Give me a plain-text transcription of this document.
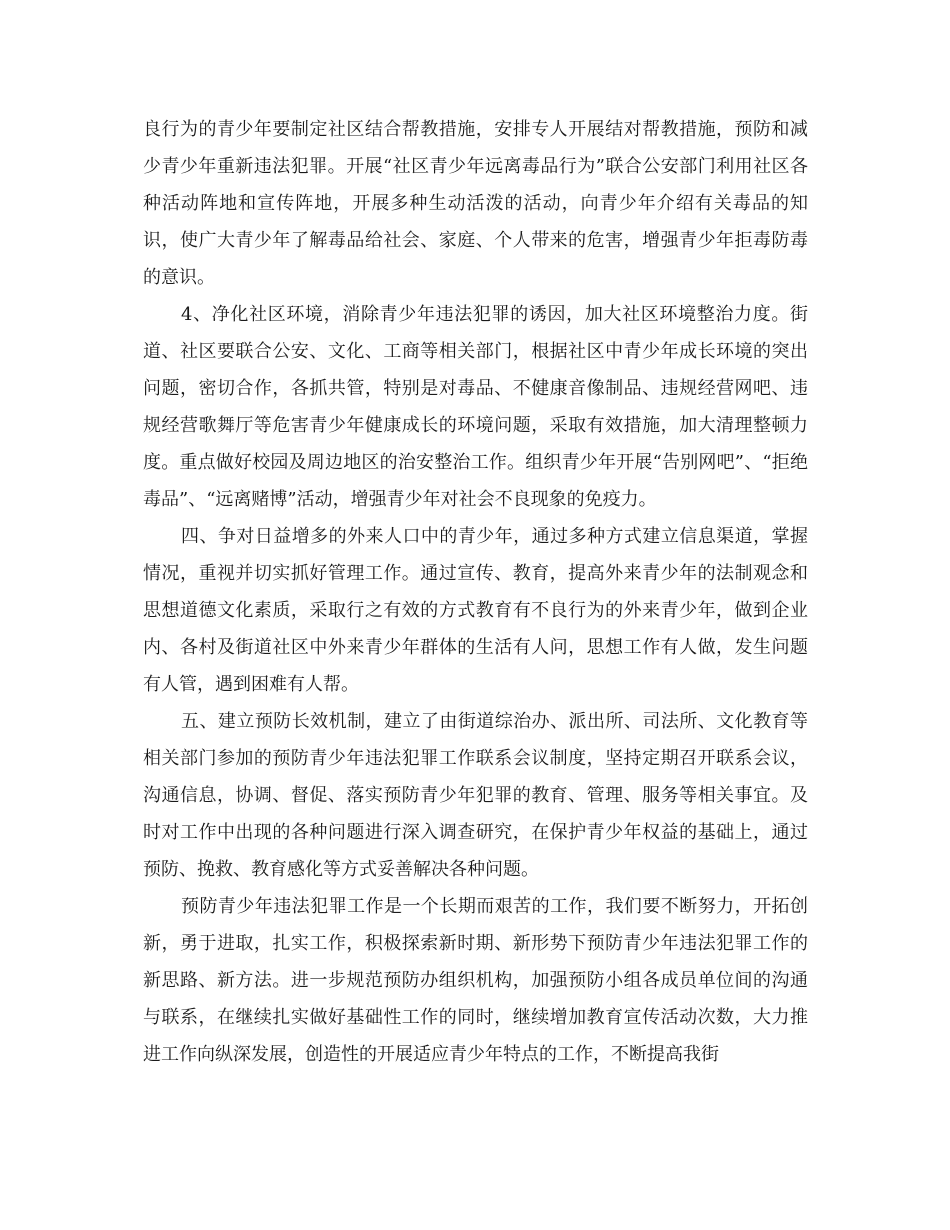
良行为的青少年要制定社区结合帮教措施，安排专人开展结对帮教措施，预防和减少青少年重新违法犯罪。开展“社区青少年远离毒品行为”联合公安部门利用社区各种活动阵地和宣传阵地，开展多种生动活泼的活动，向青少年介绍有关毒品的知识，使广大青少年了解毒品给社会、家庭、个人带来的危害，增强青少年拒毒防毒的意识。

4、净化社区环境，消除青少年违法犯罪的诱因，加大社区环境整治力度。街道、社区要联合公安、文化、工商等相关部门，根据社区中青少年成长环境的突出问题，密切合作，各抓共管，特别是对毒品、不健康音像制品、违规经营网吧、违规经营歌舞厅等危害青少年健康成长的环境问题，采取有效措施，加大清理整顿力度。重点做好校园及周边地区的治安整治工作。组织青少年开展“告别网吧”、“拒绝毒品”、“远离赌博”活动，增强青少年对社会不良现象的免疫力。

四、争对日益增多的外来人口中的青少年，通过多种方式建立信息渠道，掌握情况，重视并切实抓好管理工作。通过宣传、教育，提高外来青少年的法制观念和思想道德文化素质，采取行之有效的方式教育有不良行为的外来青少年，做到企业内、各村及街道社区中外来青少年群体的生活有人问，思想工作有人做，发生问题有人管，遇到困难有人帮。

五、建立预防长效机制，建立了由街道综治办、派出所、司法所、文化教育等相关部门参加的预防青少年违法犯罪工作联系会议制度，坚持定期召开联系会议，沟通信息，协调、督促、落实预防青少年犯罪的教育、管理、服务等相关事宜。及时对工作中出现的各种问题进行深入调查研究，在保护青少年权益的基础上，通过预防、挽救、教育感化等方式妥善解决各种问题。

预防青少年违法犯罪工作是一个长期而艰苦的工作，我们要不断努力，开拓创新，勇于进取，扎实工作，积极探索新时期、新形势下预防青少年违法犯罪工作的新思路、新方法。进一步规范预防办组织机构，加强预防小组各成员单位间的沟通与联系，在继续扎实做好基础性工作的同时，继续增加教育宣传活动次数，大力推进工作向纵深发展，创造性的开展适应青少年特点的工作，不断提高我街
